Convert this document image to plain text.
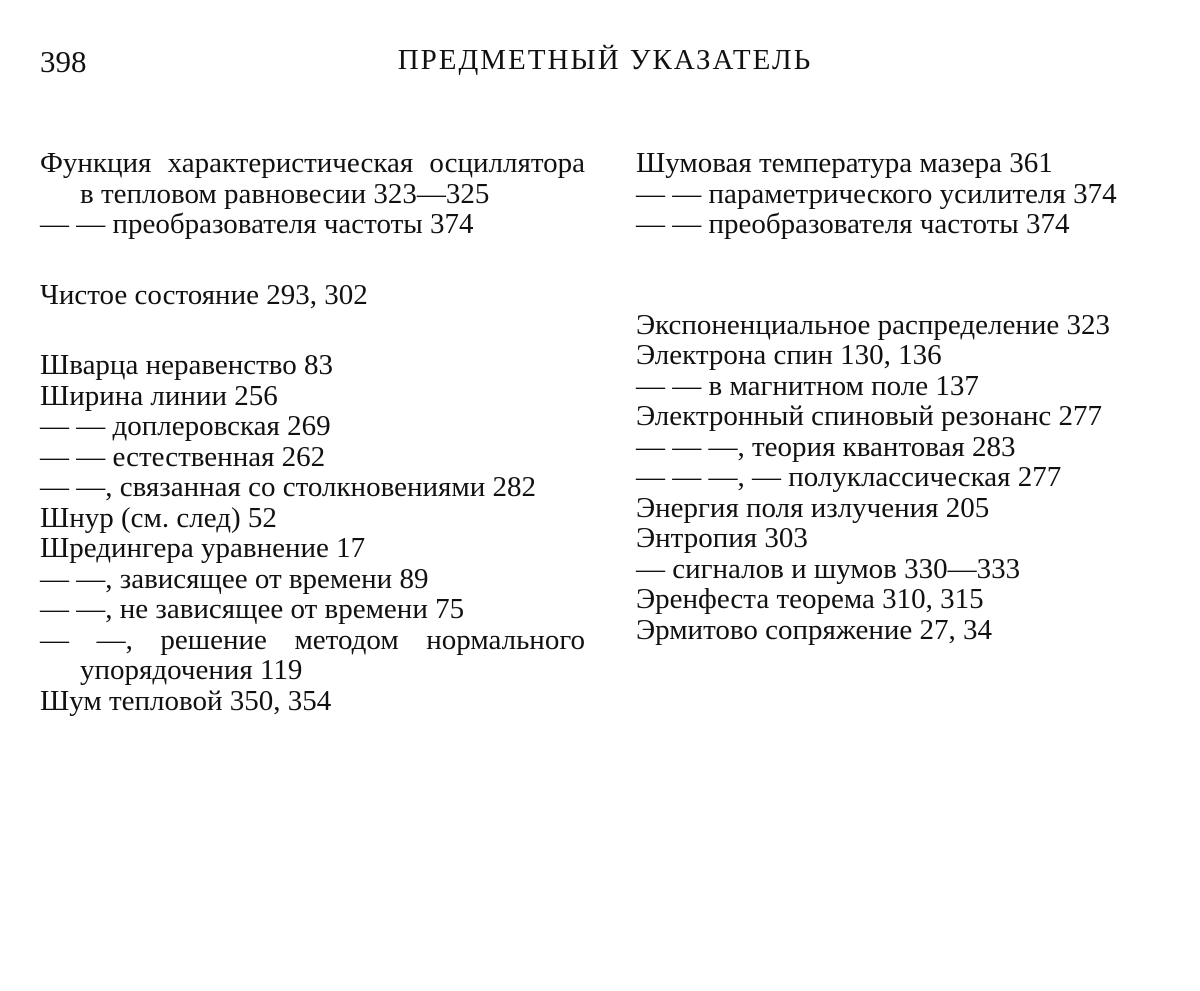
398	ПРЕДМЕТНЫЙ УКАЗАТЕЛЬ

Функция характеристическая осциллятора в тепловом равновесии 323—325

— — преобразователя частоты 374

Чистое состояние 293, 302

Шварца неравенство 83

Ширина линии 256

— — доплеровская 269

— — естественная 262

— —, связанная со столкновениями 282

Шнур (см. след) 52

Шредингера уравнение 17

— —, зависящее от времени 89

— —, не зависящее от времени 75

— —, решение методом нормального упорядочения 119

Шум тепловой 350, 354

Шумовая температура мазера 361

— — параметрического усилителя 374

— — преобразователя частоты 374

Экспоненциальное распределение 323

Электрона спин 130, 136

— — в магнитном поле 137

Электронный спиновый резонанс 277

— — —, теория квантовая 283

— — —, — полуклассическая 277

Энергия поля излучения 205

Энтропия 303

— сигналов и шумов 330—333

Эренфеста теорема 310, 315

Эрмитово сопряжение 27, 34
